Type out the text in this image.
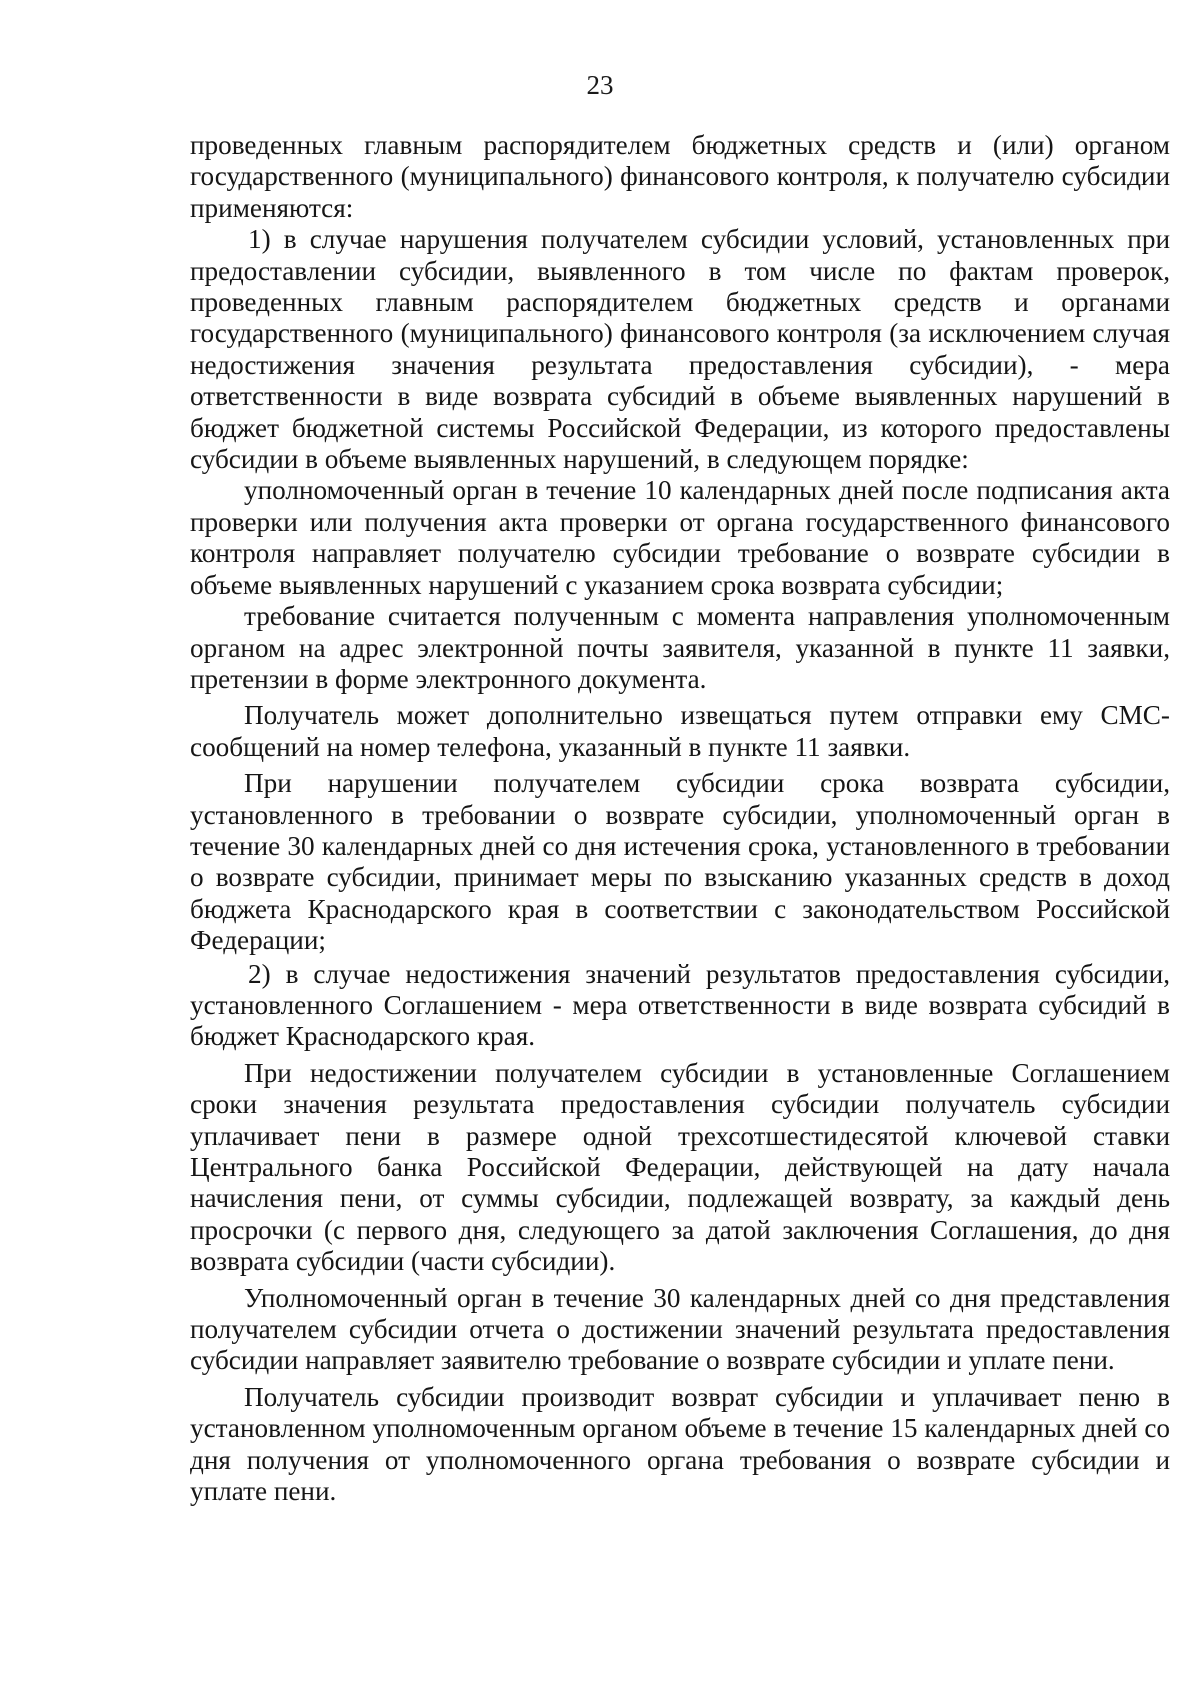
23

проведенных главным распорядителем бюджетных средств и (или) органом государственного (муниципального) финансового контроля, к получателю субсидии применяются:

1) в случае нарушения получателем субсидии условий, установленных при предоставлении субсидии, выявленного в том числе по фактам проверок, проведенных главным распорядителем бюджетных средств и органами государственного (муниципального) финансового контроля (за исключением случая недостижения значения результата предоставления субсидии), - мера ответственности в виде возврата субсидий в объеме выявленных нарушений в бюджет бюджетной системы Российской Федерации, из которого предоставлены субсидии в объеме выявленных нарушений, в следующем порядке:

уполномоченный орган в течение 10 календарных дней после подписания акта проверки или получения акта проверки от органа государственного финансового контроля направляет получателю субсидии требование о возврате субсидии в объеме выявленных нарушений с указанием срока возврата субсидии;

требование считается полученным с момента направления уполномоченным органом на адрес электронной почты заявителя, указанной в пункте 11 заявки, претензии в форме электронного документа.

Получатель может дополнительно извещаться путем отправки ему СМС-сообщений на номер телефона, указанный в пункте 11 заявки.

При нарушении получателем субсидии срока возврата субсидии, установленного в требовании о возврате субсидии, уполномоченный орган в течение 30 календарных дней со дня истечения срока, установленного в требовании о возврате субсидии, принимает меры по взысканию указанных средств в доход бюджета Краснодарского края в соответствии с законодательством Российской Федерации;

2) в случае недостижения значений результатов предоставления субсидии, установленного Соглашением - мера ответственности в виде возврата субсидий в бюджет Краснодарского края.

При недостижении получателем субсидии в установленные Соглашением сроки значения результата предоставления субсидии получатель субсидии уплачивает пени в размере одной трехсотшестидесятой ключевой ставки Центрального банка Российской Федерации, действующей на дату начала начисления пени, от суммы субсидии, подлежащей возврату, за каждый день просрочки (с первого дня, следующего за датой заключения Соглашения, до дня возврата субсидии (части субсидии).

Уполномоченный орган в течение 30 календарных дней со дня представления получателем субсидии отчета о достижении значений результата предоставления субсидии направляет заявителю требование о возврате субсидии и уплате пени.

Получатель субсидии производит возврат субсидии и уплачивает пеню в установленном уполномоченным органом объеме в течение 15 календарных дней со дня получения от уполномоченного органа требования о возврате субсидии и уплате пени.
